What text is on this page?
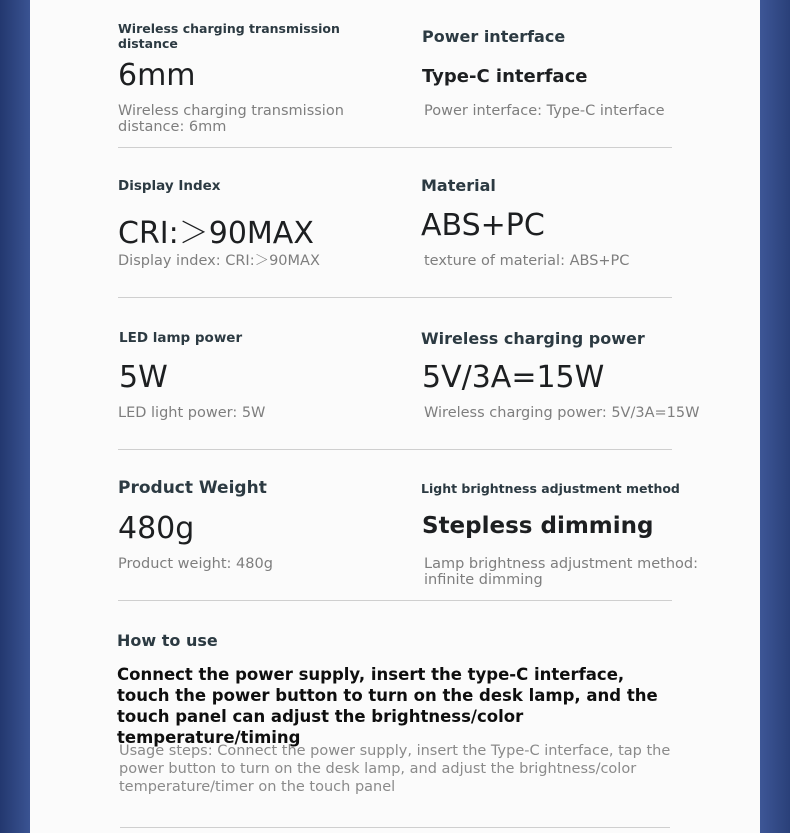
Wireless charging transmission distance
6mm
Wireless charging transmission distance: 6mm
Power interface
Type-C interface
Power interface: Type-C interface
Display Index
CRI:＞90MAX
Display index: CRI:＞90MAX
Material
ABS+PC
texture of material: ABS+PC
LED lamp power
5W
LED light power: 5W
Wireless charging power
5V/3A=15W
Wireless charging power: 5V/3A=15W
Product Weight
480g
Product weight: 480g
Light brightness adjustment method
Stepless dimming
Lamp brightness adjustment method: infinite dimming
How to use
Connect the power supply, insert the type-C interface, touch the power button to turn on the desk lamp, and the touch panel can adjust the brightness/color temperature/timing
Usage steps: Connect the power supply, insert the Type-C interface, tap the power button to turn on the desk lamp, and adjust the brightness/color temperature/timer on the touch panel
